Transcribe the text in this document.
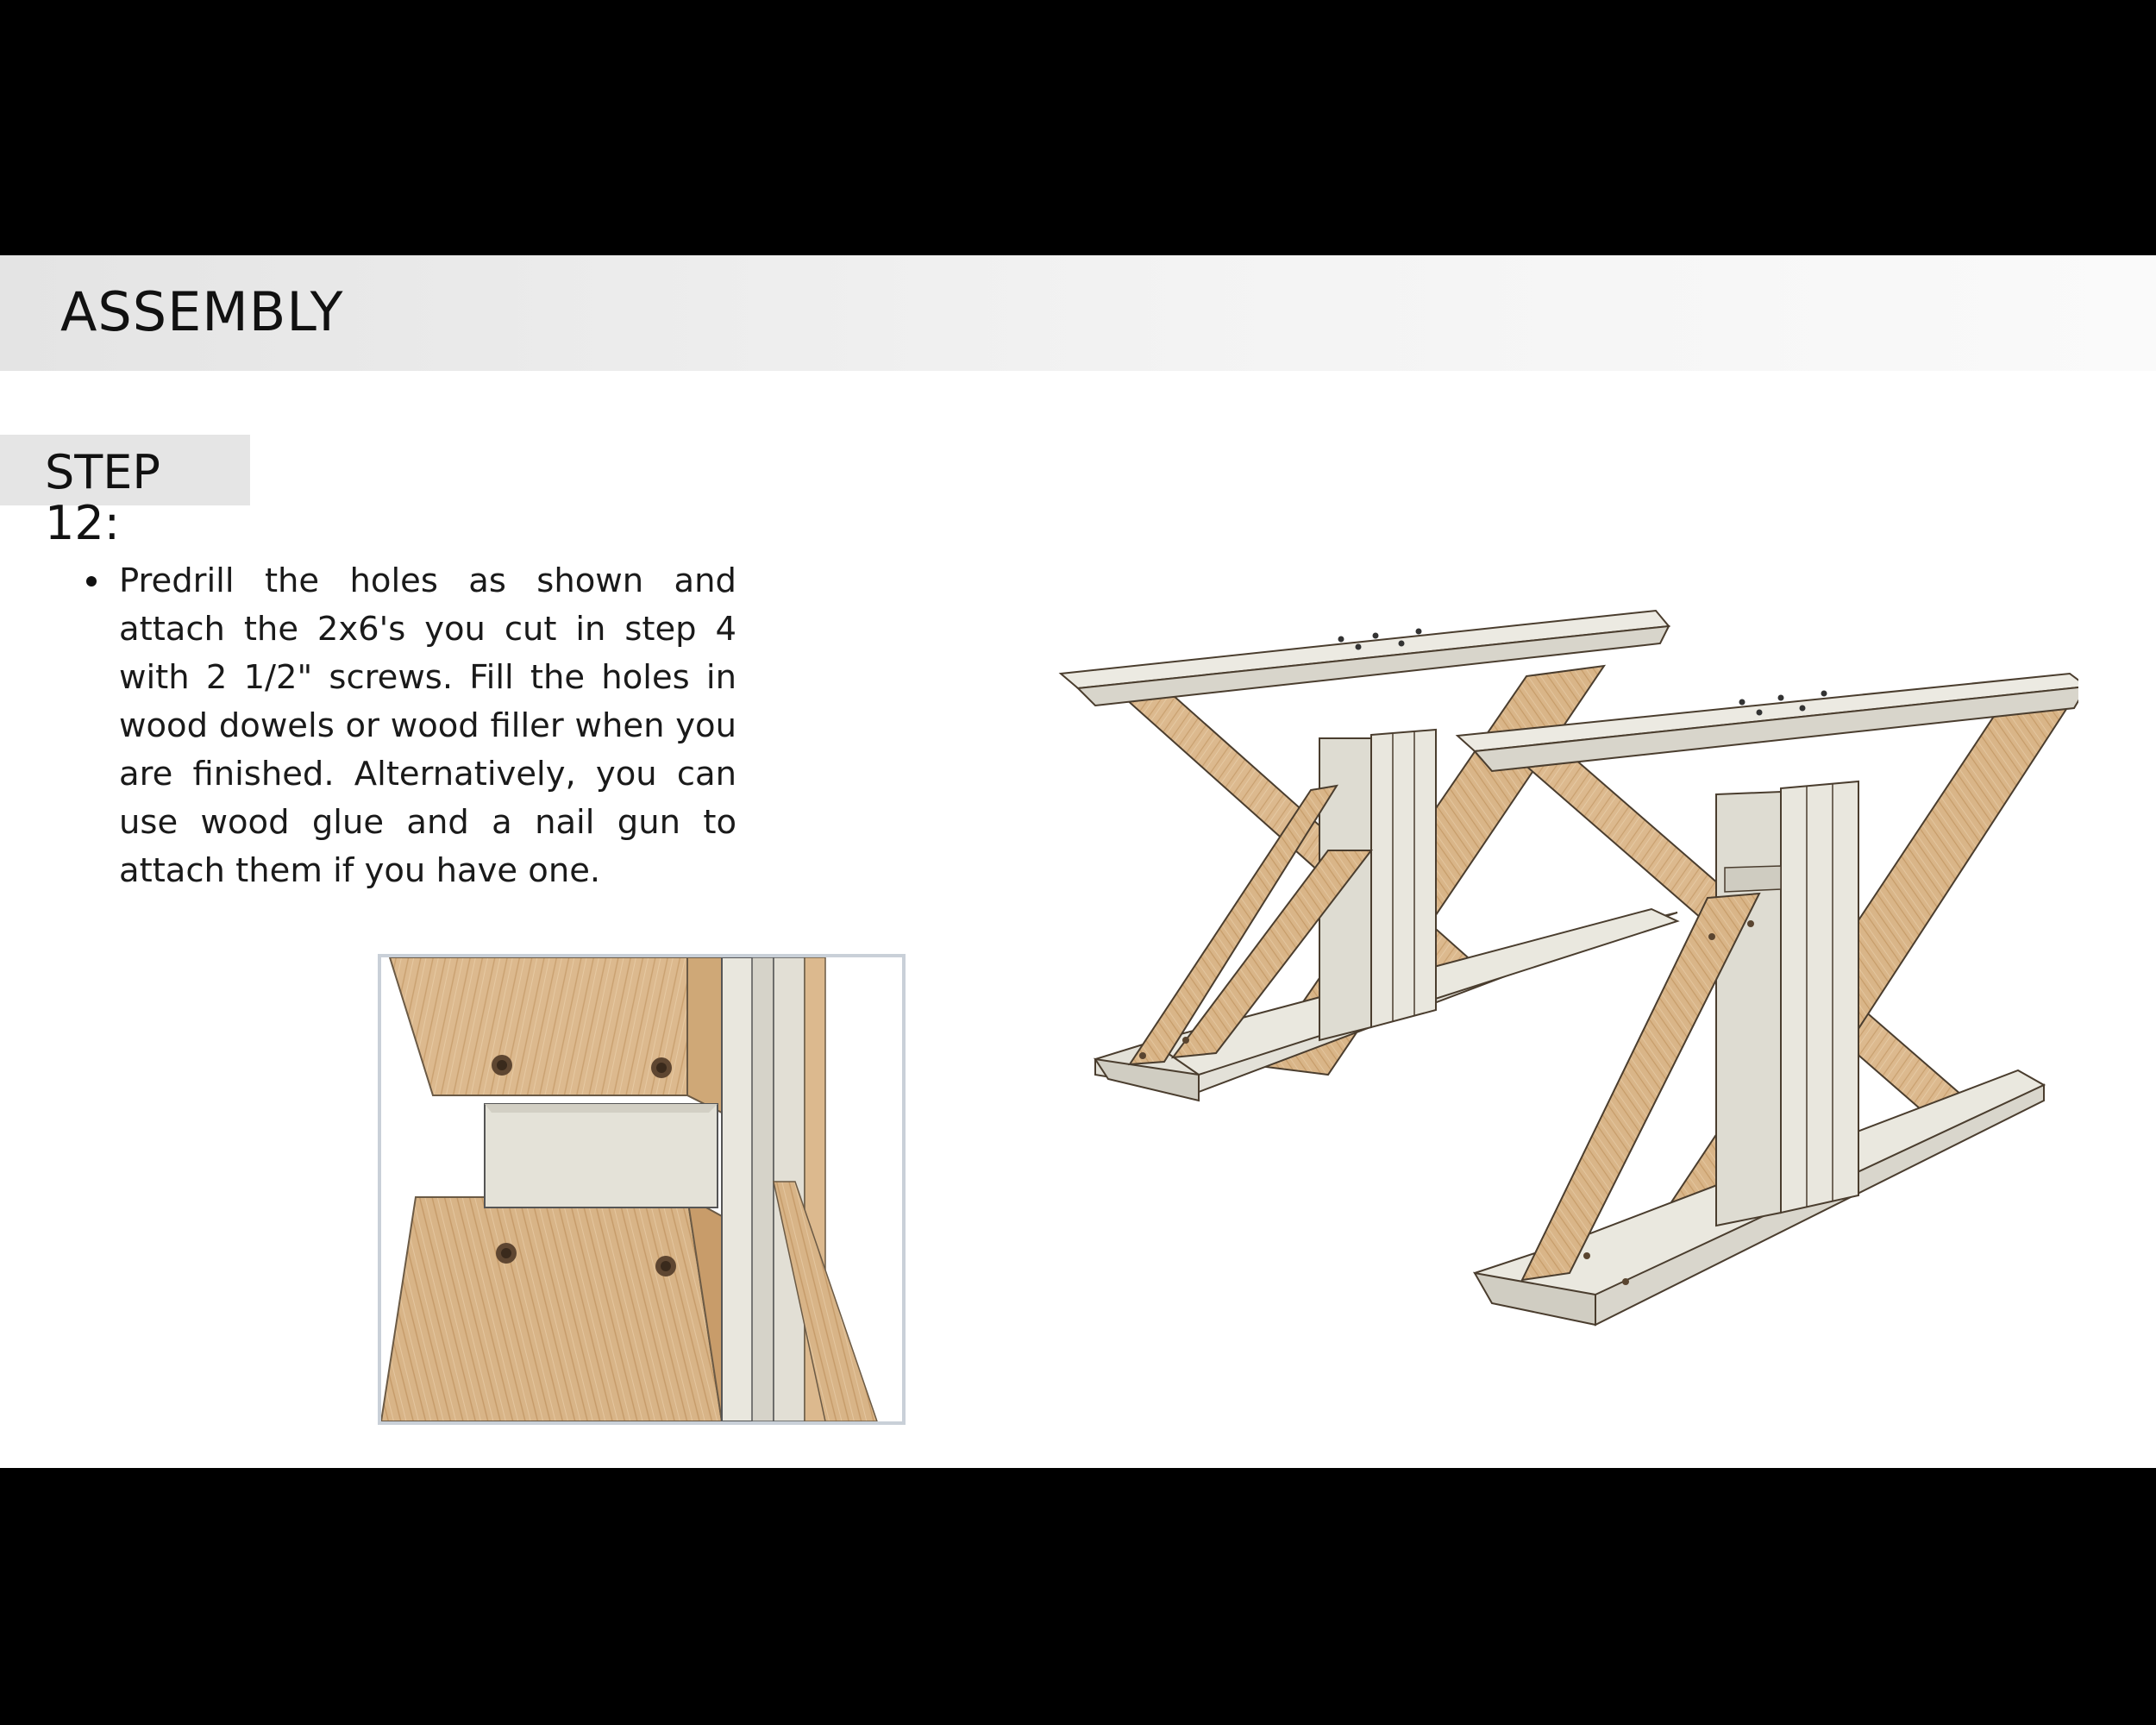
ASSEMBLY
STEP 12:
Predrill the holes as shown and attach the 2x6's you cut in step 4 with 2 1/2" screws. Fill the holes in wood dowels or wood filler when you are finished. Alternatively, you can use wood glue and a nail gun to attach them if you have one.
